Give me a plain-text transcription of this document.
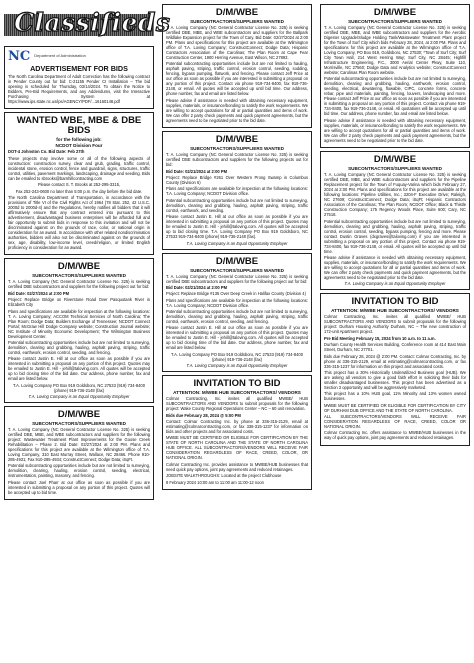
Classifieds
NC Department of Administration
ADVERTISEMENT FOR BIDS
The North Carolina Department of Adult Correction has the following contract in Pender County out for bid: C-21155 Pender CI Installation – The bid opening is scheduled for Thursday, 03/14/2024. To obtain the Notice to Bidders, Pre-Bid Requirements, and any Addendums, visit the Interactive Purchasing System at https://www.ips.state.nc.us/ips/AGENCY/PDF/...16160148.pdf
WANTED WBE, MBE & DBE BIDS
for the following job:
NCDOT Division Four
DOT-4 Johnston Co. Bid Date: Feb 27th
These projects may involve some or all of the following aspects of construction: construction survey, clear and grub, grading, traffic control, incidental stone, erosion control, fence and guardrail, signs, structures, traffic control, utilities, pavement markings, landscaping, drainage and seeding. Bids can be emailed to sbrooks@barnhillcontracting.com
Please contact S. T. Brooks at 252-295-3315,
Fax 252-243-0600 no later than 5:00 p.m. the day before the bid date.
The North Carolina Department of Transportation, in accordance with the provisions of Title VI of the Civil Rights Act of 1964 (78 Stat. 252, 42 U.S.C. 2000d to 2000d-4) and the Regulations, hereby notifies all bidders that it will affirmatively ensure that any contract entered into pursuant to this advertisement, disadvantaged business enterprises will be afforded full and fair opportunity to submit bids in response to this invitation and will not be discriminated against on the grounds of race, color, or national origin in consideration for an award. In accordance with other related nondiscrimination authorities, bidders will also not be discriminated against on the grounds of sex, age, disability, low-income level, creed/religion, or limited English proficiency in consideration for an award.
D/M/WBE
SUBCONTRACTORS/SUPPLIERS WANTED
T. A. Loving Company (NC General Contractor License No. 325) is seeking certified DBE subcontractors and suppliers for the following project out for bid:
Bid Date: 02/27/2024 at 2:00 PM
Project: Replace Bridge on Riverstone Road Over Pasquotank River in Elizabeth City
Plans and specifications are available for inspection at the following locations: T. A. Loving Company; ACCOM Technical Services of North Carolina; The Plan Room; Dodge Data; Builders Exchange of Tennessee; NCDOT Connect Portal; McGraw Hill Dodge Company website; Construction Journal website; NC Institute of Minority Economic Development; The Wilmington Business Development Center.
Potential subcontracting opportunities include but are not limited to surveying, demolition, clearing and grubbing, hauling, asphalt paving, striping, traffic control, earthwork, erosion control, seeding, and fencing.
Please contact Justin E. Hill at our office as soon as possible if you are interested in submitting a proposal on any portion of this project. Quotes may be emailed to Justin E. Hill - jehill@taloving.com. All quotes will be accepted up to bid closing time of the bid date. Our address, phone number, fax and email are listed below.
T.A. Loving Company PO Box 919 Goldsboro, NC 27533 (919) 734-8400 (phone) 919-736-2148 (fax)
T.A. Loving Company is an Equal Opportunity Employer
D/M/WBE
SUBCONTRACTORS/SUPPLIERS WANTED
T. A. Loving Company (NC General Contractor License No. 325) is seeking certified DBE, MBE, and WBE subcontractors and suppliers for the following project: Wastewater Treatment Plant Improvements for the Goose Creek Rehabilitation – Phase 2. Bid Date: 02/27/2024 at 2:00 PM. Plans and specifications for this project are available at the Wilmington office of T.A. Loving Company, 310 East Murray Street, Wallace, NC 28466. Phone 910-285-4931; Fax 910-285-4934; ConstructConnect; Dodge Data; iSqFt.
Potential subcontracting opportunities include but are not limited to surveying, demolition, clearing, hauling, erosion control, seeding, electrical, instrumentation, painting, masonry, and fencing.
Please contact Joel Pharr at our office as soon as possible if you are interested in submitting a proposal on any portion of this project. Quotes will be accepted up to bid time.
D/M/WBE
SUBCONTRACTORS/SUPPLIERS WANTED
T. A. Loving Company (NC General Contractor License No. 325) is seeking certified DBE, MBE, and WBE subcontractors and suppliers for the Ballpark Wildlake Expansion project for the Town of Cary. Bid Date: 02/27/2024 at 2:00 PM. Plans and specifications for this project are available at the Wilmington office of T.A. Loving Company; ConstructConnect; Dodge Data; Hispanic Contractors Association of the Carolinas; The Plan Room at Cape Fear Construction Center, 1900 Herring Avenue, East Wilson, NC 27893.
Potential subcontracting opportunities include but are not limited to hauling, asphalt paving, striping, traffic control, erosion control, seeding, sodding, fencing, bypass pumping, flatwork, and fencing. Please contact Jeff Price at our office as soon as possible if you are interested in submitting a proposal on any portion of this project. Contact via phone 919-734-8400, fax 919-736-2148, or email. All quotes will be accepted up until bid time. Our address, phone number, fax and email are listed below.
Please advise if assistance is needed with obtaining necessary equipment, supplies, materials, or insurance/bonding to satisfy the work requirements. We are willing to accept quotations for all or partial quantities and items of work. We can offer 2 party check payments and quick payment agreements, but the agreements need to be negotiated prior to the bid date.
D/M/WBE
SUBCONTRACTORS/SUPPLIERS WANTED
T. A. Loving Company (NC General Contractor License No. 325) is seeking certified DBE subcontractors and suppliers for the following projects out for bid:
Bid Date: 02/21/2024 at 2:00 PM
Project: Replace Bridge #261 Over Western Prong Swamp in Columbus County (Division 6)
Plans and specifications are available for inspection at the following locations: T.A. Loving Company; NCDOT Division office.
Potential subcontracting opportunities include but are not limited to surveying, demolition, clearing and grubbing, hauling, asphalt paving, striping, traffic control, earthwork, and seeding.
Please contact Justin E. Hill at our office as soon as possible if you are interested in submitting a proposal on any portion of this project. Quotes may be emailed to Justin E. Hill - jehill@taloving.com. All quotes will be accepted up to bid closing time. T.A. Loving Company PO Box 919 Goldsboro, NC 27533 919-734-8400 (phone) 919-736-2148 (fax).
T.A. Loving Company is an Equal Opportunity Employer
D/M/WBE
SUBCONTRACTORS/SUPPLIERS WANTED
T. A. Loving Company (NC General Contractor License No. 325) is seeking certified DBE subcontractors and suppliers for the following project out for bid:
Bid Date: 02/21/2024 at 2:00 PM
Project: Replace Bridge #135 Over Deep Creek in Halifax County (Division 4)
Plans and specifications are available for inspection at the following locations: T.A. Loving Company; NCDOT Division office.
Potential subcontracting opportunities include but are not limited to surveying, demolition, clearing and grubbing, hauling, asphalt paving, striping, traffic control, earthwork, erosion control, seeding, and fencing.
Please contact Justin E. Hill at our office as soon as possible if you are interested in submitting a proposal on any portion of this project. Quotes may be emailed to Justin E. Hill - jehill@taloving.com. All quotes will be accepted up to bid closing time of the bid date. Our address, phone number, fax and email are listed below.
T.A. Loving Company PO Box 919 Goldsboro, NC 27533 (919) 734-8400 (phone) 919-736-2148 (fax)
T.A. Loving Company is an Equal Opportunity Employer
INVITATION TO BID
ATTENTION: M/WBE HUB SUBCONTRACTORS/ VENDORS
Colmar Contracting, Inc. invites all qualified MWBE/ HUB SUBCONTRACTORS AND VENDORS to submit proposals for the following project: Wake County Regional Operations Center – NC – 60 unit renovation.
Bids due February 28, 2024 @ 5:00 PM
Contact: Colmar Contracting Inc. by phone at 336-315-2129, email at estimating@colmarcontracting.com, or fax 336-315-1237 for information on bids and other projects and for associated costs.
MWBE MUST BE CERTIFIED OR ELIGIBLE FOR CERTIFICATION BY THE STATE OF NORTH CAROLINA AND THE STATE OF NORTH CAROLINA HUB OFFICE. ALL SUBCONTRACTORS/VENDORS WILL RECEIVE FAIR CONSIDERATION REGARDLESS OF RACE, CREED, COLOR, OR NATIONAL ORIGIN.
Colmar Contracting Inc. provides assistance to MWBE/HUB businesses that need quick pay options, joint pay agreements and reduced retainages.
JOBSITE WALKTHROUGHS: Located at the project Clubhouse
8 February 2024 10:00 am to 11:00 am 11:00-12 noon
D/M/WBE
SUBCONTRACTORS/SUPPLIERS WANTED
T. A. Loving Company (NC General Contractor License No. 325) is seeking certified DBE, MBE, and WBE subcontractors and suppliers for the Aerobic Digester Upgrade/Sludge Holding Tank/Wastewater Treatment Plant project for the Town of Surf City which bids February 28, 2024, at 2:00 PM. Plans and specifications for this project are available at the Wilmington office of T.A. Loving Company, PO Box 919, Goldsboro, NC 27530; *Town of Surf City; Surf City Town Hall, 214 West Herring Way; Surf City, NC 28445; Highfill Infrastructure Engineering, P.C., 3000 Aerial Center Pkwy, Suite 110, Morrisville, NC 27560; Dodge Data and Analytics website; ConstructConnect website; Carolinas Plan Room website.
Potential subcontracting opportunities include but are not limited to surveying, demolition, clearing and grubbing, hauling, earthwork, erosion control, seeding, electrical, dewatering, flowable, CIPC, concrete forms, concrete rebar, pipe and materials, painting, fencing, louvers, landscaping and more. Please contact Jeff Price at our office as soon as possible if you are interested in submitting a proposal on any portion of this project. Contact via phone 919-734-8400, fax 919-736-2148, or email. All quotations will be accepted up until bid time. Our address, phone number, fax and email are listed below.
Please advise if assistance is needed with obtaining necessary equipment, supplies, materials, or insurance/bonding to satisfy the work requirements. We are willing to accept quotations for all or partial quantities and items of work. We can offer 2 party check payments and quick payment agreements, but the agreements need to be negotiated prior to the bid date.
D/M/WBE
SUBCONTRACTORS/SUPPLIERS WANTED
T. A. Loving Company (NC General Contractor License No. 325) is seeking certified DBE, MBE, and WBE subcontractors and suppliers for the Pipeline Replacement project for the Town of Fuquay-Varina which bids February 27, 2024 at 2:00 PM. Plans and specifications for this project are available at the following locations: Pipeline Utilities, Inc.; 3204-F Executive Drive; Raleigh, NC 27609; ConstructConnect; Dodge Data; iSqFt; Hispanic Contractors Association of the Carolinas; The Plan Room; NCDOT Office; Black & Thistle Construction Company; 175 Regency Woods Place, Suite 600; Cary, NC 27518.
Potential subcontracting opportunities include but are not limited to surveying, demolition, clearing and grubbing, hauling, asphalt paving, striping, traffic control, erosion control, seeding, bypass pumping, fencing and more. Please contact Dustin Graves (dxgraves@taloving.com) if you are interested in submitting a proposal on any portion of this project. Contact via phone 919-734-8400, fax 919-736-2148, or email. All quotes will be accepted up until bid time.
Please advise if assistance is needed with obtaining necessary equipment, supplies, materials, or insurance/bonding to satisfy the work requirements. We are willing to accept quotations for all or partial quantities and items of work. We can offer 2 party check payments and quick payment agreements, but the agreements need to be negotiated prior to the bid date.
T.A. Loving Company is an Equal Opportunity Employer
INVITATION TO BID
ATTENTION: M/WBE HUB SUBCONTRACTORS/ VENDORS
Colmar Contracting, Inc. invites all qualified MWBE/ HUB SUBCONTRACTORS AND VENDORS to submit proposals for the following project: Durham Housing Authority Durham, NC – The new construction of 172-unit Apartment project.
Pre Bid Meeting February 15, 2024 from 10 a.m. to 11 a.m.
Durham County Health Services Building, Conference room at 414 East Main Street, Durham, NC 27701.
Bids due February 28, 2024 @ 2:00 PM. Contact: Colmar Contracting, Inc. by phone at 336-315-2129, email at estimating@colmarcontracting.com, or fax 336-315-1237 for information on this project and associated costs.
This project has a 30% Historically Underutilized Business goal (HUB). We are asking all vendors to give a good faith effort in soliciting their bids for smaller disadvantaged businesses. This project has been advertised as a Section 3 opportunity and will be aggressively marketed.
This project has a 10% HUB goal, 11% Minority and 13% women owned businesses.
MWBE MUST BE CERTIFIED OR ELIGIBLE FOR CERTIFICATION BY CITY OF DURHAM DUB OFFICE AND THE STATE OF NORTH CAROLINA.
ALL SUBCONTRACTORS/VENDORS WILL RECEIVE FAIR CONSIDERATION REGARDLESS OF RACE, CREED, COLOR OR NATIONAL ORIGIN.
Colmar Contracting Inc. offers assistance to MWBE/HUB businesses in the way of quick pay options, joint pay agreements and reduced retainages.
